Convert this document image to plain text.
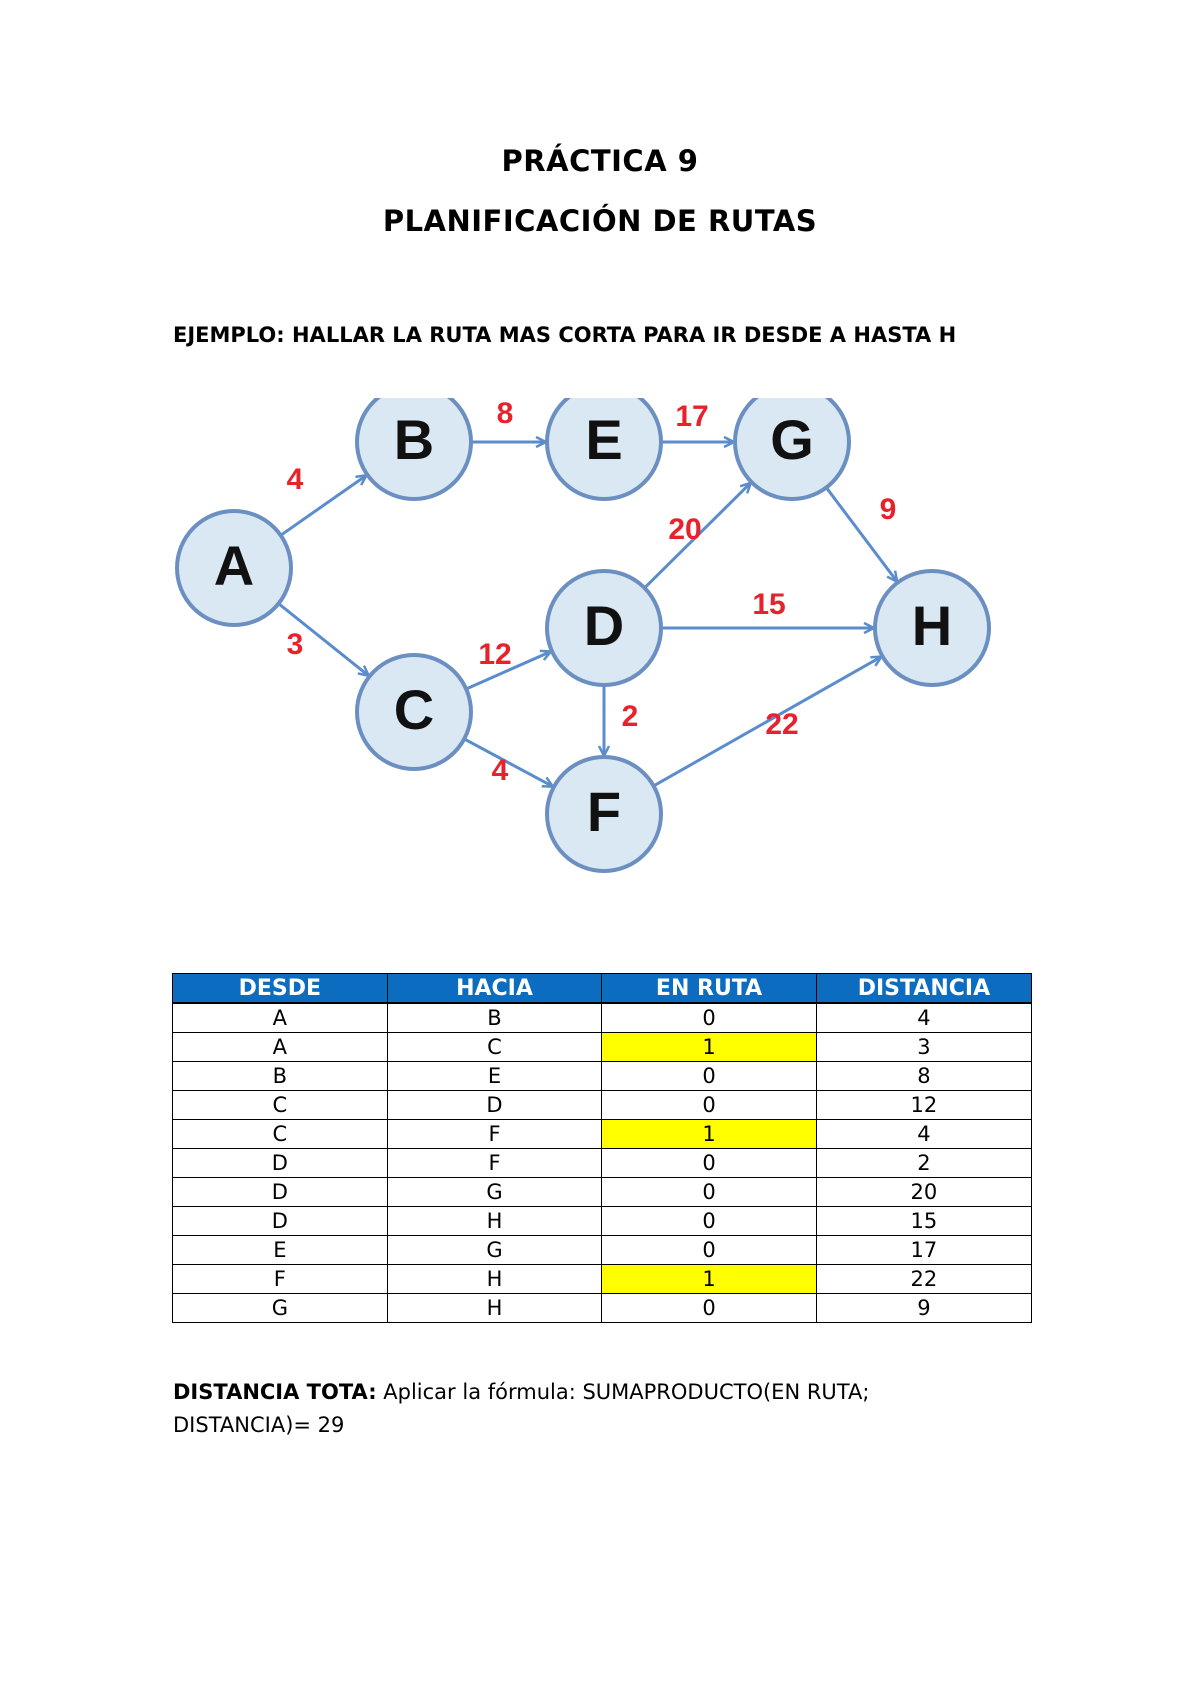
PRÁCTICA 9
PLANIFICACIÓN DE RUTAS
EJEMPLO: HALLAR LA RUTA MAS CORTA PARA IR DESDE A HASTA H
4
3
8	17
12
4
20
15
2
9
22
A
B
C
D
E
F
G
H
DESDE	HACIA	EN RUTA	DISTANCIA
A	B	0	4
A	C	1	3
B	E	0	8
C	D	0	12
C	F	1	4
D	F	0	2
D	G	0	20
D	H	0	15
E	G	0	17
F	H	1	22
G	H	0	9
DISTANCIA TOTA: Aplicar la fórmula: SUMAPRODUCTO(EN RUTA;
DISTANCIA)= 29
